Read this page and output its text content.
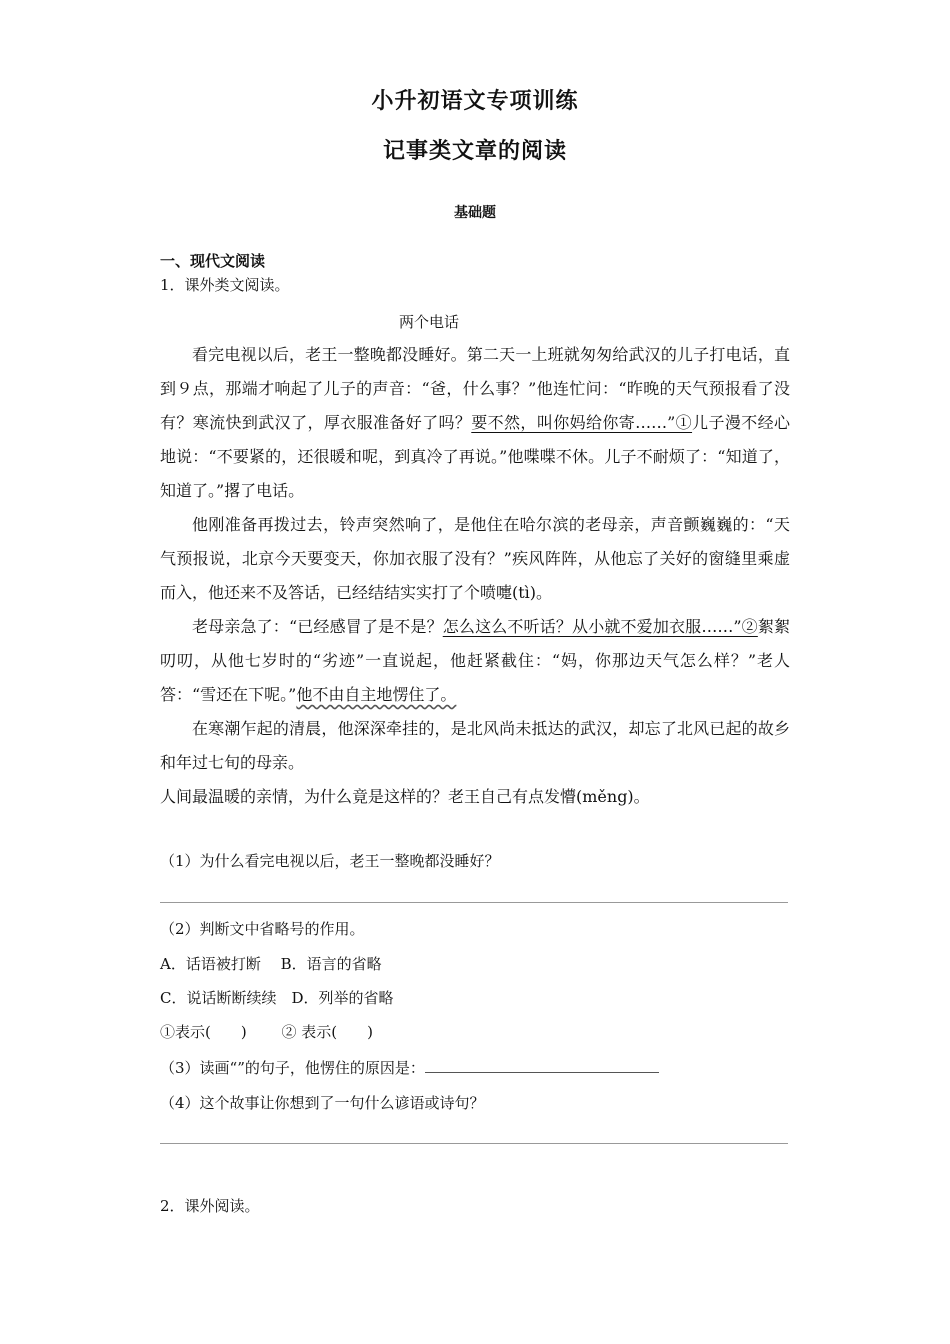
小升初语文专项训练
记事类文章的阅读
基础题
一、现代文阅读
1．课外类文阅读。
两个电话

看完电视以后，老王一整晚都没睡好。第二天一上班就匆匆给武汉的儿子打电话，直到９点，那端才响起了儿子的声音：“爸，什么事？”他连忙问：“昨晚的天气预报看了没有？寒流快到武汉了，厚衣服准备好了吗？要不然，叫你妈给你寄……”①儿子漫不经心地说：“不要紧的，还很暖和呢，到真冷了再说。”他喋喋不休。儿子不耐烦了：“知道了，知道了。”撂了电话。

他刚准备再拨过去，铃声突然响了，是他住在哈尔滨的老母亲，声音颤巍巍的：“天气预报说，北京今天要变天，你加衣服了没有？”疾风阵阵，从他忘了关好的窗缝里乘虚而入，他还来不及答话，已经结结实实打了个喷嚏(tì)。

老母亲急了：“已经感冒了是不是？怎么这么不听话？从小就不爱加衣服……”②絮絮叨叨，从他七岁时的“劣迹”一直说起，他赶紧截住：“妈，你那边天气怎么样？”老人答：“雪还在下呢。”他不由自主地愣住了。

在寒潮乍起的清晨，他深深牵挂的，是北风尚未抵达的武汉，却忘了北风已起的故乡和年过七旬的母亲。

人间最温暖的亲情，为什么竟是这样的？老王自己有点发懵(měng)。

（1）为什么看完电视以后，老王一整晚都没睡好？
（2）判断文中省略号的作用。
A．话语被打断　 B．语言的省略
C．说话断断续续　D．列举的省略
①表示(　　)　　 ② 表示(　　)
（3）读画“”的句子，他愣住的原因是：
（4）这个故事让你想到了一句什么谚语或诗句？
2．课外阅读。
